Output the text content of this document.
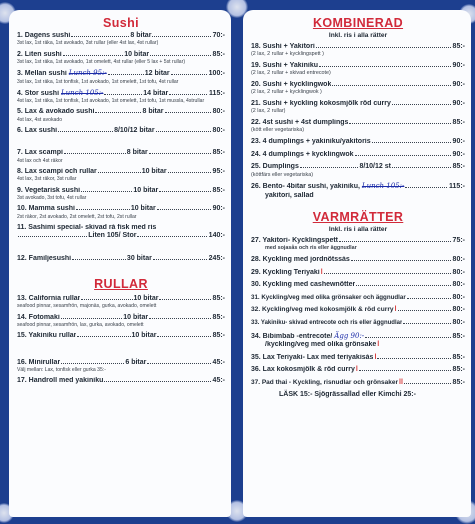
Sushi
1. Dagens sushi	8 bitar	70:-
3st lax, 1st räka, 1st avokado, 3st rullar (eller 4st lax, 4st rullar)
2. Liten sushi	10 bitar	85:-
3st lax, 1st räka, 1st avokado, 1st omelett, 4st rullar (eller 5 lax + 5st rullar)
3. Mellan sushi Lunch 95:-	12 bitar	100:-
3st lax, 1st räka, 1st tonfisk, 1st avokado, 1st omelett, 1st tofu, 4st rullar
4. Stor sushi Lunch 105:-	14 bitar	115:-
4st lax, 1st räka, 1st tonfisk, 1st avokado, 1st omelett, 1st tofu, 1st musslа, 4strullar
5. Lax & avokado sushi	8 bitar	80:-
4st lax, 4st avokado
6. Lax sushi	8/10/12 bitar	80:-
7. Lax scampi	8 bitar	85:-
4st lax och 4st räkor
8. Lax scampi och rullar	10 bitar	95:-
4st lax, 3st räkor, 3st rullar
9. Vegetarisk sushi	10 bitar	85:-
3st avokado, 3st tofu, 4st rullar
10. Mamma sushi	10 bitar	90:-
2st räkor, 2st avokado, 2st omelett, 2st tofu, 2st rullar
11. Sashimi special- skivad rå fisk med ris
Liten 105/ Stor	140:-
12. Familjesushi	30 bitar	245:-
RULLAR
13. California rullar	10 bitar	85:-
seafood pinnar, sesamfrön, majonäs, gurka, avokado, omelett
14. Fotomaki	10 bitar	85:-
seafood pinnar, sesamfrön, lax, gurka, avokado, omelett
15. Yakiniku rullar	10 bitar	85:-
16. Minirullar	6 bitar	45:-
Välj mellan: Lax, tonfisk eller gurka 35:-
17. Handroll med yakiniku	45:-
KOMBINERAD
Inkl. ris i alla rätter
18. Sushi + Yakitori	85:-
(2 lax, 2 rullar + kycklingspett )
19. Sushi + Yakiniku	90:-
(2 lax, 2 rullar + skivad entrecote)
20. Sushi + kycklingwok	90:-
(2 lax, 2 rullar + kycklingwok )
21. Sushi + kyckling kokosmjölk röd curry	90:-
(2 lax, 2 rullar)
22. 4st sushi + 4st dumplings	85:-
(kött eller vegetariska)
23. 4 dumplings + yakiniku/yakitoris	90:-
24. 4 dumplings + kycklingwok	90:-
25. Dumplings	8/10/12 st	85:-
(köttfärs eller vegetariska)
26. Bento- 4bitar sushi, yakiniku, Lunch 105:-	115:-
yakitori, sallad
VARMRÄTTER
Inkl. ris i alla rätter
27. Yakitori- Kycklingspett	75:-
med sojasås och ris eller äggnudlar
28. Kyckling med jordnötssås	80:-
29. Kyckling Teriyaki ǀ	80:-
30. Kyckling med cashewnötter	80:-
31. Kyckling/veg med olika grönsaker och äggnudlar	80:-
32. Kyckling/veg med kokosmjölk & röd curry ǀ	80:-
33. Yakiniku- skivad entrecote och ris eller äggnudlar	80:-
34. Bibimbab -entrecote/ Ägg 90:-	85:-
/kyckling/veg med olika grönsake ǀ
35. Lax Teriyaki- Lax med teriyakisås ǀ	85:-
36. Lax kokosmjölk & röd curry ǀ	85:-
37. Pad thai - Kyckling, risnudlar och grönsaker ǀǀ	85:-
LÄSK 15:- Sjögrässallad eller Kimchi 25:-
